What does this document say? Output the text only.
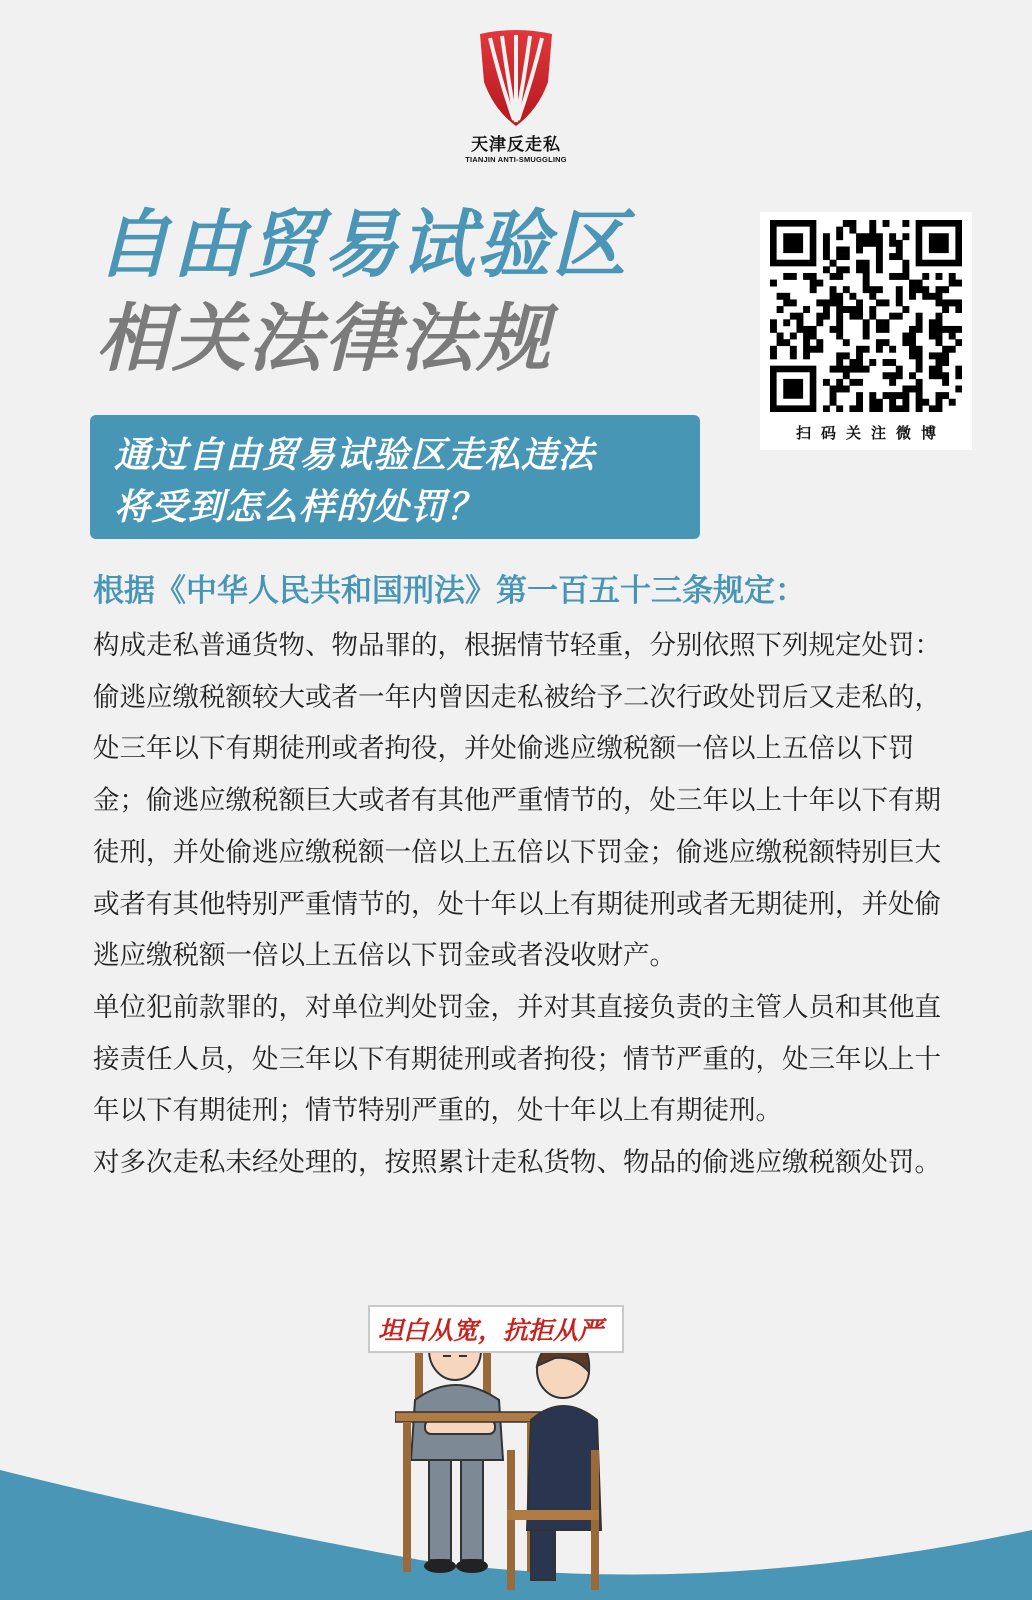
天津反走私
TIANJIN ANTI-SMUGGLING
自由贸易试验区
相关法律法规
扫码关注微博
通过自由贸易试验区走私违法
将受到怎么样的处罚？
根据《中华人民共和国刑法》第一百五十三条规定：

构成走私普通货物、物品罪的，根据情节轻重，分别依照下列规定处罚：偷逃应缴税额较大或者一年内曾因走私被给予二次行政处罚后又走私的，处三年以下有期徒刑或者拘役，并处偷逃应缴税额一倍以上五倍以下罚金；偷逃应缴税额巨大或者有其他严重情节的，处三年以上十年以下有期徒刑，并处偷逃应缴税额一倍以上五倍以下罚金；偷逃应缴税额特别巨大或者有其他特别严重情节的，处十年以上有期徒刑或者无期徒刑，并处偷逃应缴税额一倍以上五倍以下罚金或者没收财产。

单位犯前款罪的，对单位判处罚金，并对其直接负责的主管人员和其他直接责任人员，处三年以下有期徒刑或者拘役；情节严重的，处三年以上十年以下有期徒刑；情节特别严重的，处十年以上有期徒刑。

对多次走私未经处理的，按照累计走私货物、物品的偷逃应缴税额处罚。

坦白从宽，抗拒从严
